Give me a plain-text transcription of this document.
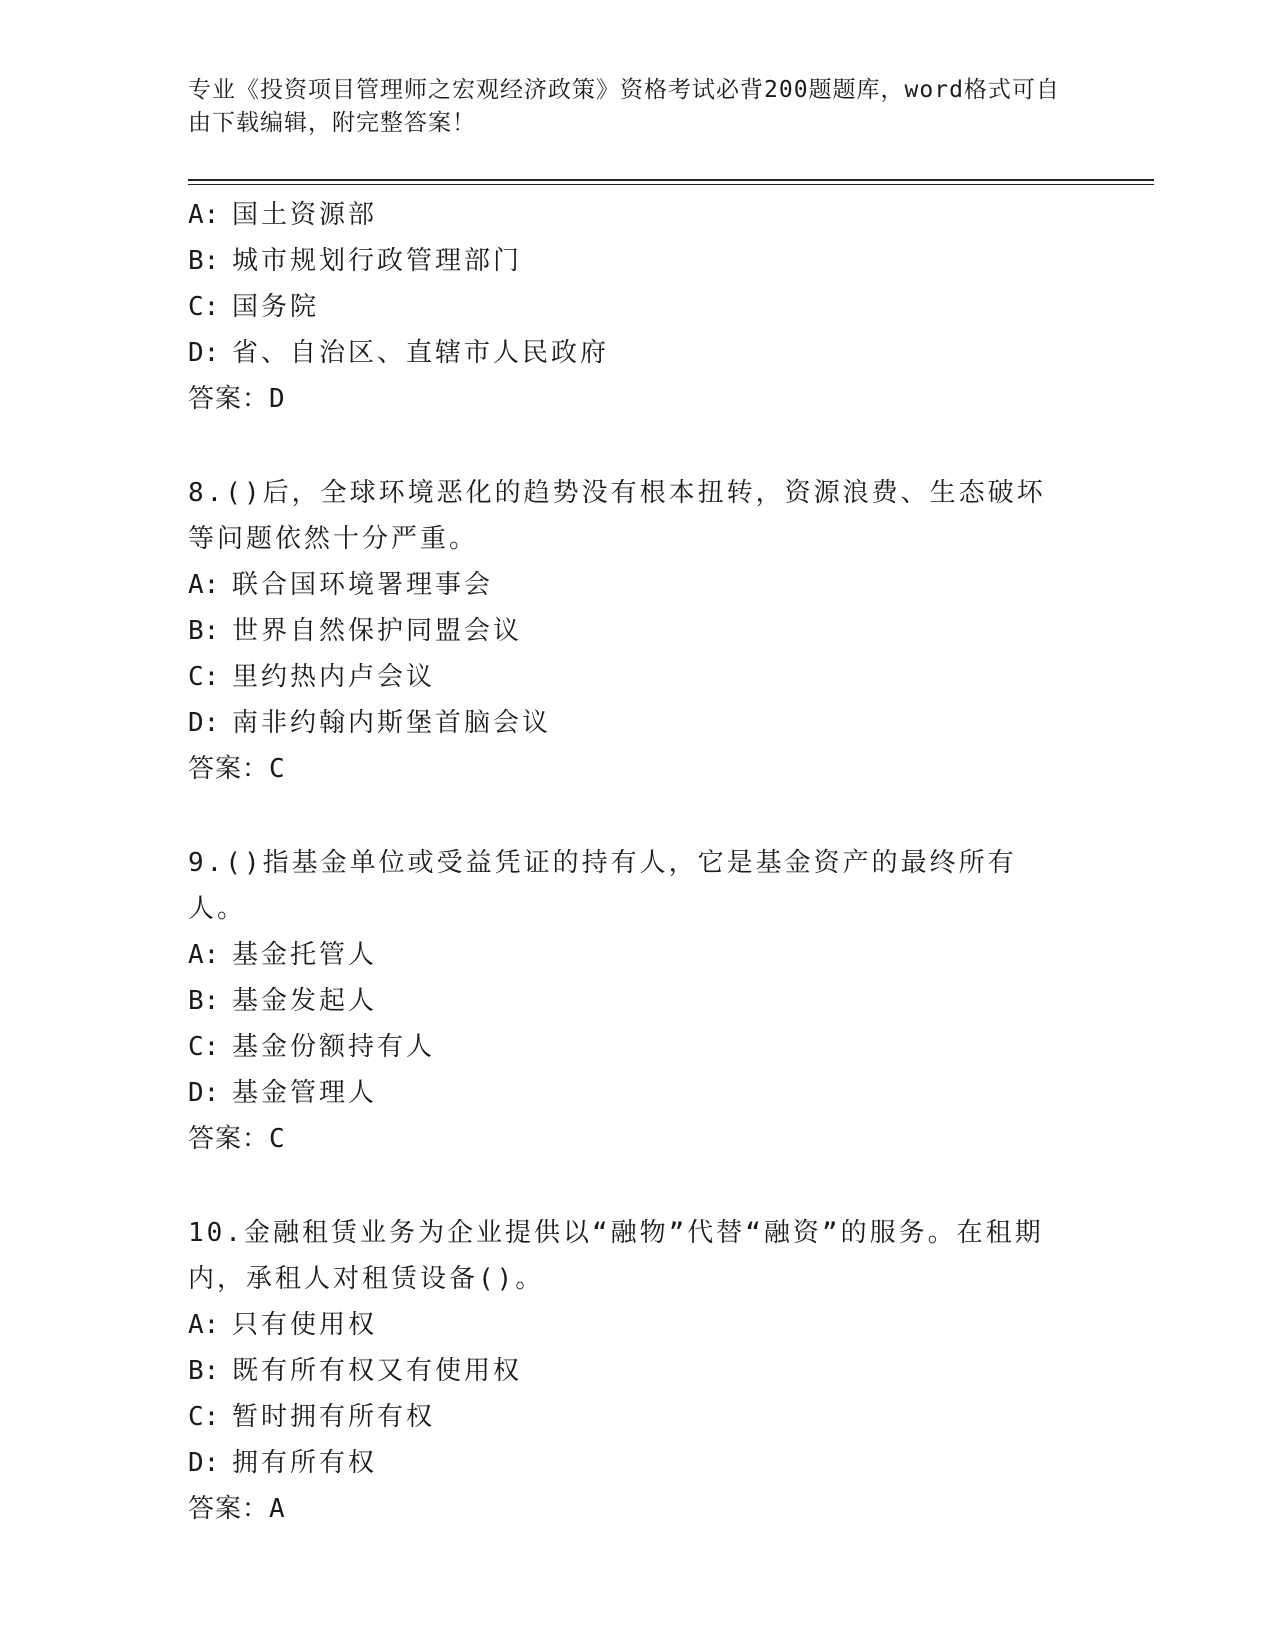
专业《投资项目管理师之宏观经济政策》资格考试必背200题题库，word格式可自由下载编辑，附完整答案！
A: 国土资源部
B: 城市规划行政管理部门
C: 国务院
D: 省、自治区、直辖市人民政府
答案：D
8.()后，全球环境恶化的趋势没有根本扭转，资源浪费、生态破坏等问题依然十分严重。
A: 联合国环境署理事会
B: 世界自然保护同盟会议
C: 里约热内卢会议
D: 南非约翰内斯堡首脑会议
答案：C
9.()指基金单位或受益凭证的持有人，它是基金资产的最终所有人。
A: 基金托管人
B: 基金发起人
C: 基金份额持有人
D: 基金管理人
答案：C
10.金融租赁业务为企业提供以“融物”代替“融资”的服务。在租期内，承租人对租赁设备()。
A: 只有使用权
B: 既有所有权又有使用权
C: 暂时拥有所有权
D: 拥有所有权
答案：A
